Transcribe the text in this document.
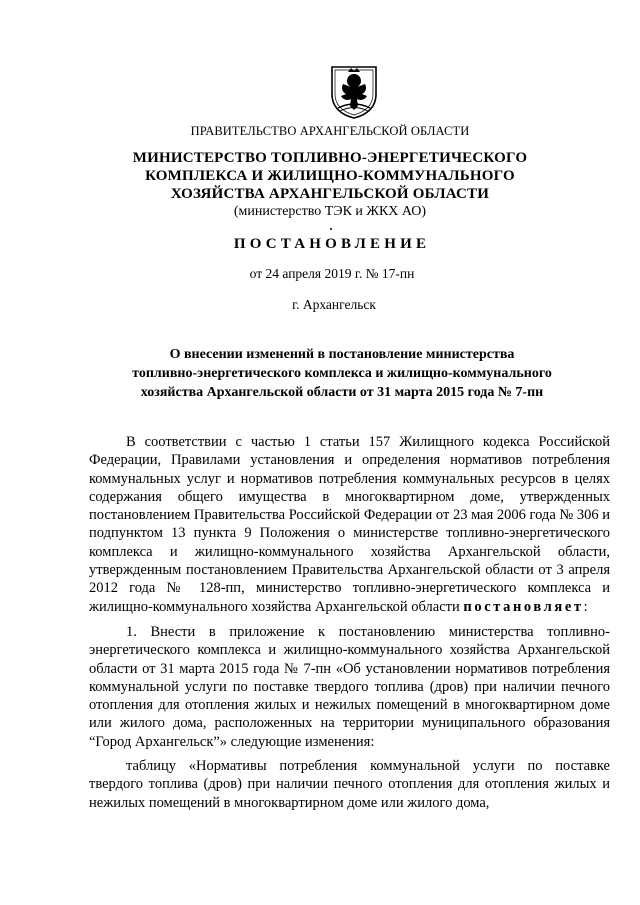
ПРАВИТЕЛЬСТВО АРХАНГЕЛЬСКОЙ ОБЛАСТИ
МИНИСТЕРСТВО ТОПЛИВНО-ЭНЕРГЕТИЧЕСКОГО
КОМПЛЕКСА И ЖИЛИЩНО-КОММУНАЛЬНОГО
ХОЗЯЙСТВА АРХАНГЕЛЬСКОЙ ОБЛАСТИ
(министерство ТЭК и ЖКХ АО)
ПОСТАНОВЛЕНИЕ
от 24 апреля 2019 г. № 17-пн
г. Архангельск
О внесении изменений в постановление министерства
топливно-энергетического комплекса и жилищно-коммунального
хозяйства Архангельской области от 31 марта 2015 года № 7-пн

В соответствии с частью 1 статьи 157 Жилищного кодекса Российской Федерации, Правилами установления и определения нормативов потребления коммунальных услуг и нормативов потребления коммунальных ресурсов в целях содержания общего имущества в многоквартирном доме, утвержденных постановлением Правительства Российской Федерации от 23 мая 2006 года № 306 и подпунктом 13 пункта 9 Положения о министерстве топливно-энергетического комплекса и жилищно-коммунального хозяйства Архангельской области, утвержденным постановлением Правительства Архангельской области от 3 апреля 2012 года № 128-пп, министерство топливно-энергетического комплекса и жилищно-коммунального хозяйства Архангельской области постановляет:

1. Внести в приложение к постановлению министерства топливно-энергетического комплекса и жилищно-коммунального хозяйства Архангельской области от 31 марта 2015 года № 7-пн «Об установлении нормативов потребления коммунальной услуги по поставке твердого топлива (дров) при наличии печного отопления для отопления жилых и нежилых помещений в многоквартирном доме или жилого дома, расположенных на территории муниципального образования “Город Архангельск”» следующие изменения:

таблицу «Нормативы потребления коммунальной услуги по поставке твердого топлива (дров) при наличии печного отопления для отопления жилых и нежилых помещений в многоквартирном доме или жилого дома,
